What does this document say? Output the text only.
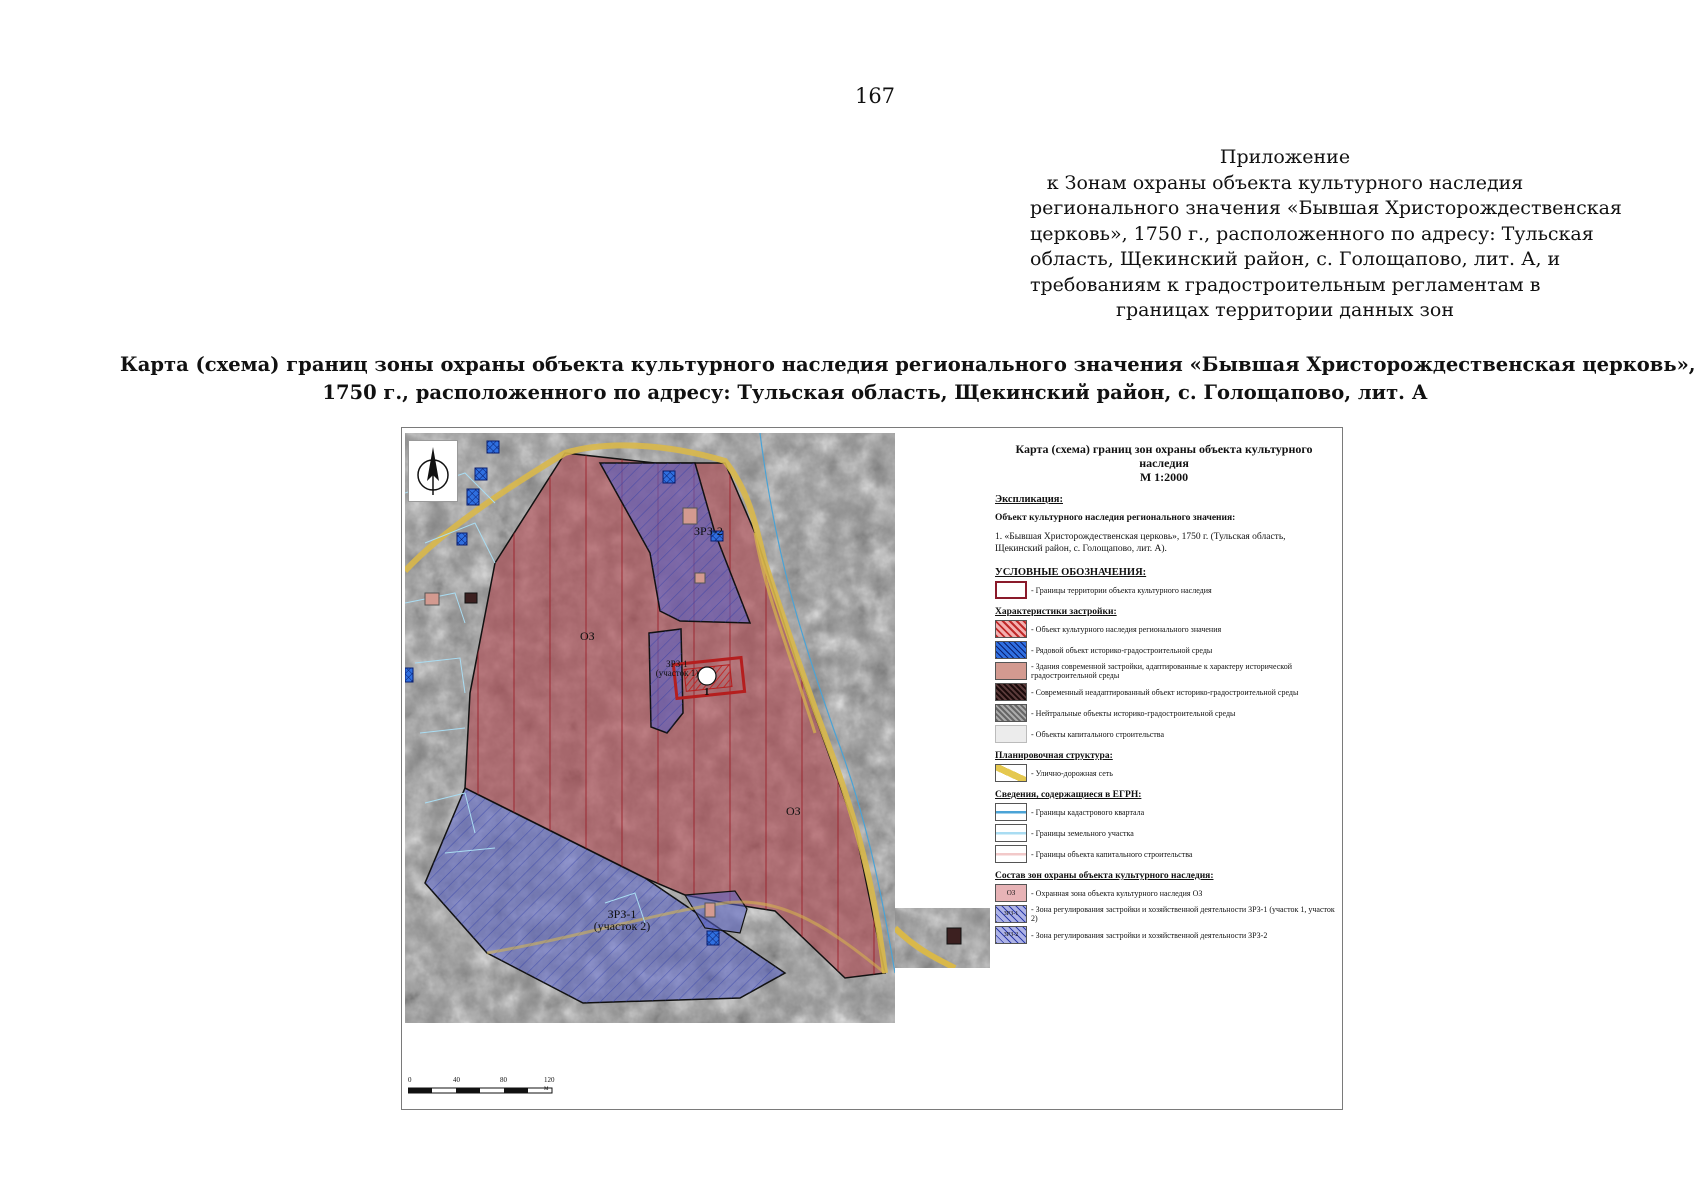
167
Приложение
к Зонам охраны объекта культурного наследия
регионального значения «Бывшая Христорождественская
церковь», 1750 г., расположенного по адресу: Тульская
область, Щекинский район, с. Голощапово, лит. А, и
требованиям к градостроительным регламентам в
границах территории данных зон
Карта (схема) границ зоны охраны объекта культурного наследия регионального значения «Бывшая Христорождественская церковь»,
1750 г., расположенного по адресу: Тульская область, Щекинский район, с. Голощапово, лит. А
ОЗ
ОЗ
ЗРЗ-2
ЗРЗ-1
(участок 1)
ЗРЗ-1
(участок 2)
1
0	40	80	120 м
Карта (схема) границ зон охраны объекта культурного наследия
М 1:2000
Экспликация:
Объект культурного наследия регионального значения:
1. «Бывшая Христорождественская церковь», 1750 г. (Тульская область, Щекинский район, с. Голощапово, лит. А).
УСЛОВНЫЕ ОБОЗНАЧЕНИЯ:
- Границы территории объекта культурного наследия
Характеристики застройки:
- Объект культурного наследия регионального значения
- Рядовой объект историко-градостроительной среды
- Здания современной застройки, адаптированные к характеру исторической градостроительной среды
- Современный неадаптированный объект историко-градостроительной среды
- Нейтральные объекты историко-градостроительной среды
- Объекты капитального строительства
Планировочная структура:
- Улично-дорожная сеть
Сведения, содержащиеся в ЕГРН:
- Границы кадастрового квартала
- Границы земельного участка
- Границы объекта капитального строительства
Состав зон охраны объекта культурного наследия:
ОЗ	- Охранная зона объекта культурного наследия ОЗ
ЗРЗ-1	- Зона регулирования застройки и хозяйственной деятельности ЗРЗ-1 (участок 1, участок 2)
ЗРЗ-2	- Зона регулирования застройки и хозяйственной деятельности ЗРЗ-2
